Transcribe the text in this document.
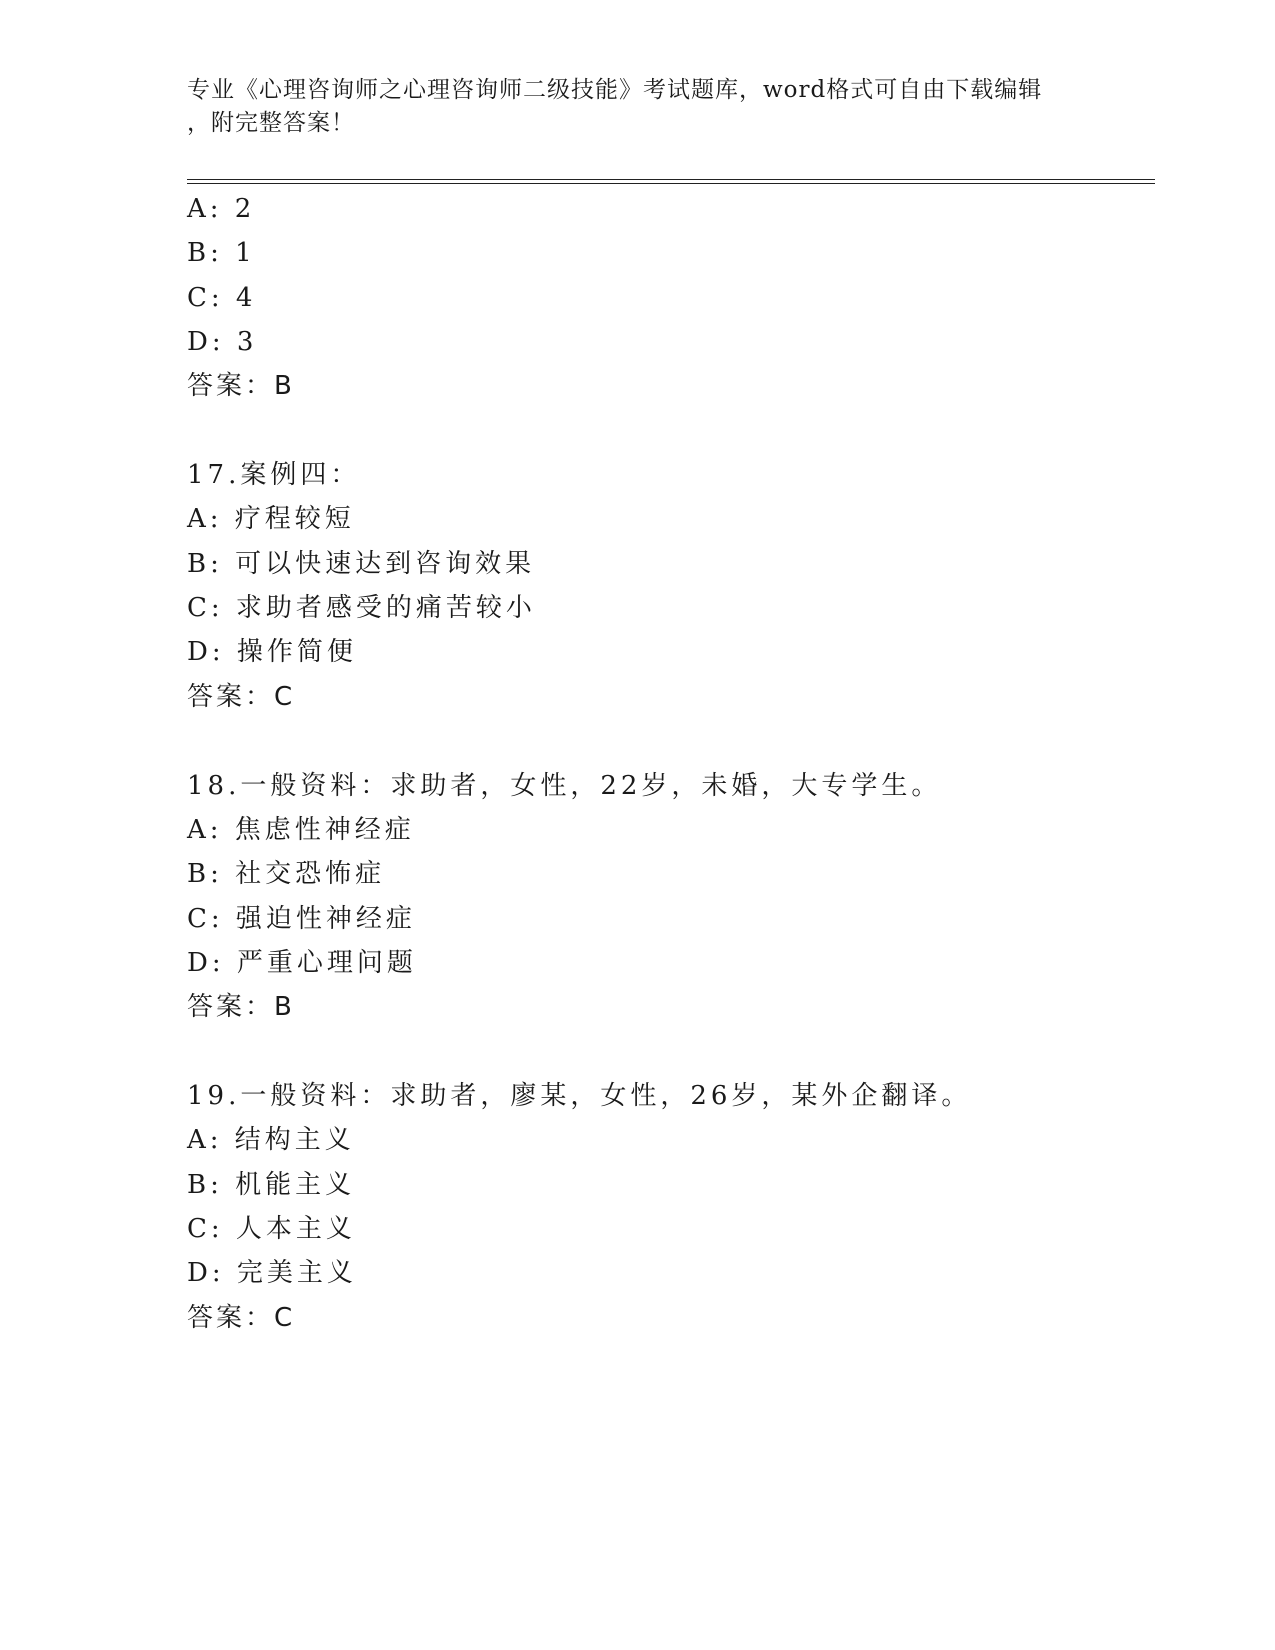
专业《心理咨询师之心理咨询师二级技能》考试题库，word格式可自由下载编辑
，附完整答案！
A: 2
B: 1
C: 4
D: 3
答案：B
17.案例四：
A: 疗程较短
B: 可以快速达到咨询效果
C: 求助者感受的痛苦较小
D: 操作简便
答案：C
18.一般资料：求助者，女性，22岁，未婚，大专学生。
A: 焦虑性神经症
B: 社交恐怖症
C: 强迫性神经症
D: 严重心理问题
答案：B
19.一般资料：求助者，廖某，女性，26岁，某外企翻译。
A: 结构主义
B: 机能主义
C: 人本主义
D: 完美主义
答案：C
